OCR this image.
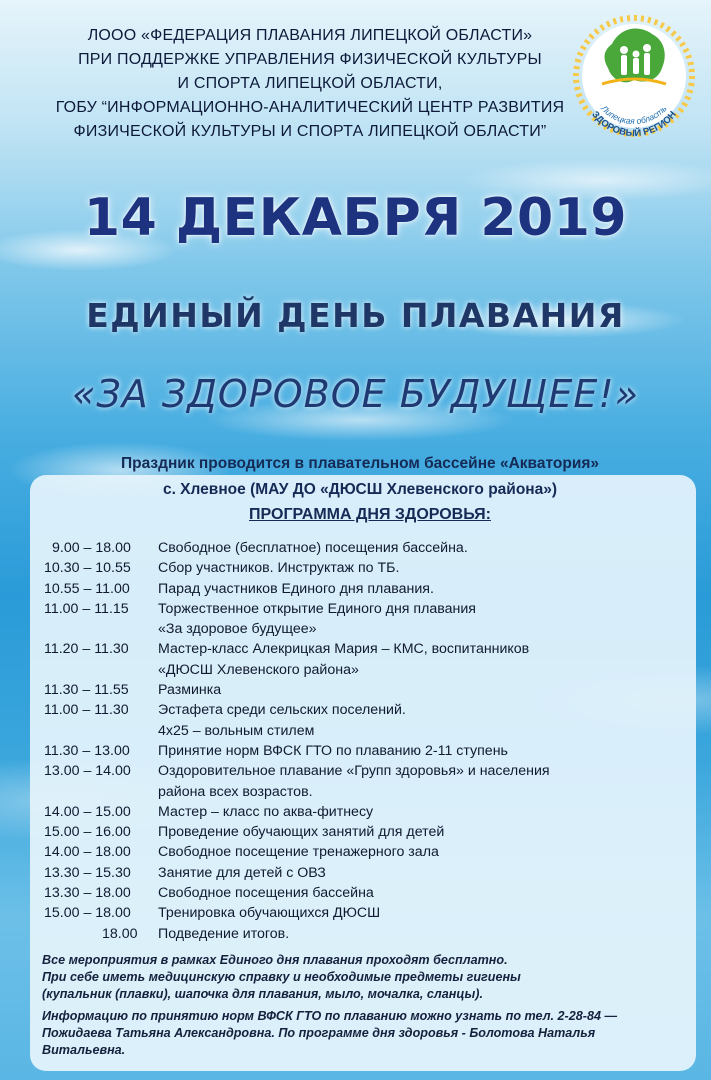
ЛООО «ФЕДЕРАЦИЯ ПЛАВАНИЯ ЛИПЕЦКОЙ ОБЛАСТИ»
ПРИ ПОДДЕРЖКЕ УПРАВЛЕНИЯ ФИЗИЧЕСКОЙ КУЛЬТУРЫ
И СПОРТА ЛИПЕЦКОЙ ОБЛАСТИ,
ГОБУ “ИНФОРМАЦИОННО-АНАЛИТИЧЕСКИЙ ЦЕНТР РАЗВИТИЯ
ФИЗИЧЕСКОЙ КУЛЬТУРЫ И СПОРТА ЛИПЕЦКОЙ ОБЛАСТИ”
Липецкая область
ЗДОРОВЫЙ РЕГИОН
14 ДЕКАБРЯ 2019
ЕДИНЫЙ ДЕНЬ ПЛАВАНИЯ
«ЗА ЗДОРОВОЕ БУДУЩЕЕ!»
Праздник проводится в плавательном бассейне «Акватория»
с. Хлевное (МАУ ДО «ДЮСШ Хлевенского района»)
ПРОГРАММА ДНЯ ЗДОРОВЬЯ:
9.00 – 18.00	Свободное (бесплатное) посещения бассейна.
10.30 – 10.55	Сбор участников. Инструктаж по ТБ.
10.55 – 11.00	Парад участников Единого дня плавания.
11.00 – 11.15	Торжественное открытие Единого дня плавания
«За здоровое будущее»
11.20 – 11.30	Мастер-класс Алекрицкая Мария – КМС, воспитанников
«ДЮСШ Хлевенского района»
11.30 – 11.55	Разминка
11.00 – 11.30	Эстафета среди сельских поселений.
4х25 – вольным стилем
11.30 – 13.00	Принятие норм ВФСК ГТО по плаванию 2-11 ступень
13.00 – 14.00	Оздоровительное плавание «Групп здоровья» и населения
района всех возрастов.
14.00 – 15.00	Мастер – класс по аква-фитнесу
15.00 – 16.00	Проведение обучающих занятий для детей
14.00 – 18.00	Свободное посещение тренажерного зала
13.30 – 15.30	Занятие для детей с ОВЗ
13.30 – 18.00	Свободное посещения бассейна
15.00 – 18.00	Тренировка обучающихся ДЮСШ
18.00	Подведение итогов.
Все мероприятия в рамках Единого дня плавания проходят бесплатно.
При себе иметь медицинскую справку и необходимые предметы гигиены
(купальник (плавки), шапочка для плавания, мыло, мочалка, сланцы).
Информацию по принятию норм ВФСК ГТО по плаванию можно узнать по тел. 2-28-84 —
Пожидаева Татьяна Александровна. По программе дня здоровья - Болотова Наталья
Витальевна.
